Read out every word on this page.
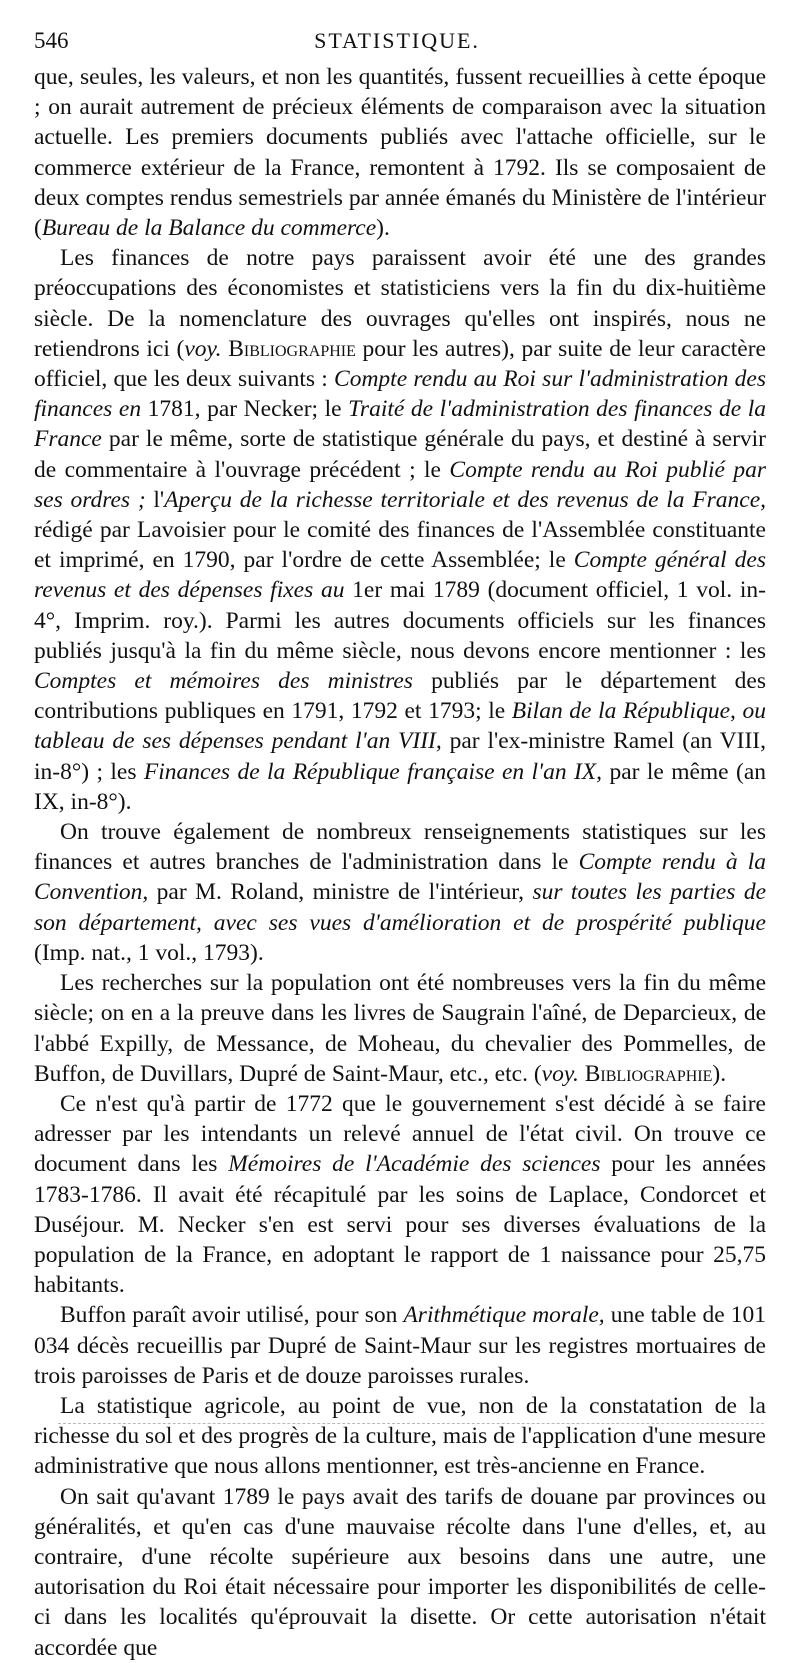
546	STATISTIQUE.

que, seules, les valeurs, et non les quantités, fussent recueillies à cette époque ; on aurait autrement de précieux éléments de comparaison avec la situation actuelle. Les premiers documents publiés avec l'attache officielle, sur le commerce extérieur de la France, remontent à 1792. Ils se composaient de deux comptes rendus semestriels par année émanés du Ministère de l'intérieur (Bureau de la Balance du commerce).

Les finances de notre pays paraissent avoir été une des grandes préoccupations des économistes et statisticiens vers la fin du dix-huitième siècle. De la nomenclature des ouvrages qu'elles ont inspirés, nous ne retiendrons ici (voy. Bibliographie pour les autres), par suite de leur caractère officiel, que les deux suivants : Compte rendu au Roi sur l'administration des finances en 1781, par Necker; le Traité de l'administration des finances de la France par le même, sorte de statistique générale du pays, et destiné à servir de commentaire à l'ouvrage précédent ; le Compte rendu au Roi publié par ses ordres ; l'Aperçu de la richesse territoriale et des revenus de la France, rédigé par Lavoisier pour le comité des finances de l'Assemblée constituante et imprimé, en 1790, par l'ordre de cette Assemblée; le Compte général des revenus et des dépenses fixes au 1er mai 1789 (document officiel, 1 vol. in-4°, Imprim. roy.). Parmi les autres documents officiels sur les finances publiés jusqu'à la fin du même siècle, nous devons encore mentionner : les Comptes et mémoires des ministres publiés par le département des contributions publiques en 1791, 1792 et 1793; le Bilan de la République, ou tableau de ses dépenses pendant l'an VIII, par l'ex-ministre Ramel (an VIII, in-8°) ; les Finances de la République française en l'an IX, par le même (an IX, in-8°).

On trouve également de nombreux renseignements statistiques sur les finances et autres branches de l'administration dans le Compte rendu à la Convention, par M. Roland, ministre de l'intérieur, sur toutes les parties de son département, avec ses vues d'amélioration et de prospérité publique (Imp. nat., 1 vol., 1793).

Les recherches sur la population ont été nombreuses vers la fin du même siècle; on en a la preuve dans les livres de Saugrain l'aîné, de Deparcieux, de l'abbé Expilly, de Messance, de Moheau, du chevalier des Pommelles, de Buffon, de Duvillars, Dupré de Saint-Maur, etc., etc. (voy. Bibliographie).

Ce n'est qu'à partir de 1772 que le gouvernement s'est décidé à se faire adresser par les intendants un relevé annuel de l'état civil. On trouve ce document dans les Mémoires de l'Académie des sciences pour les années 1783-1786. Il avait été récapitulé par les soins de Laplace, Condorcet et Duséjour. M. Necker s'en est servi pour ses diverses évaluations de la population de la France, en adoptant le rapport de 1 naissance pour 25,75 habitants.

Buffon paraît avoir utilisé, pour son Arithmétique morale, une table de 101 034 décès recueillis par Dupré de Saint-Maur sur les registres mortuaires de trois paroisses de Paris et de douze paroisses rurales.

La statistique agricole, au point de vue, non de la constatation de la richesse du sol et des progrès de la culture, mais de l'application d'une mesure administrative que nous allons mentionner, est très-ancienne en France.

On sait qu'avant 1789 le pays avait des tarifs de douane par provinces ou généralités, et qu'en cas d'une mauvaise récolte dans l'une d'elles, et, au contraire, d'une récolte supérieure aux besoins dans une autre, une autorisation du Roi était nécessaire pour importer les disponibilités de celle-ci dans les localités qu'éprouvait la disette. Or cette autorisation n'était accordée que
